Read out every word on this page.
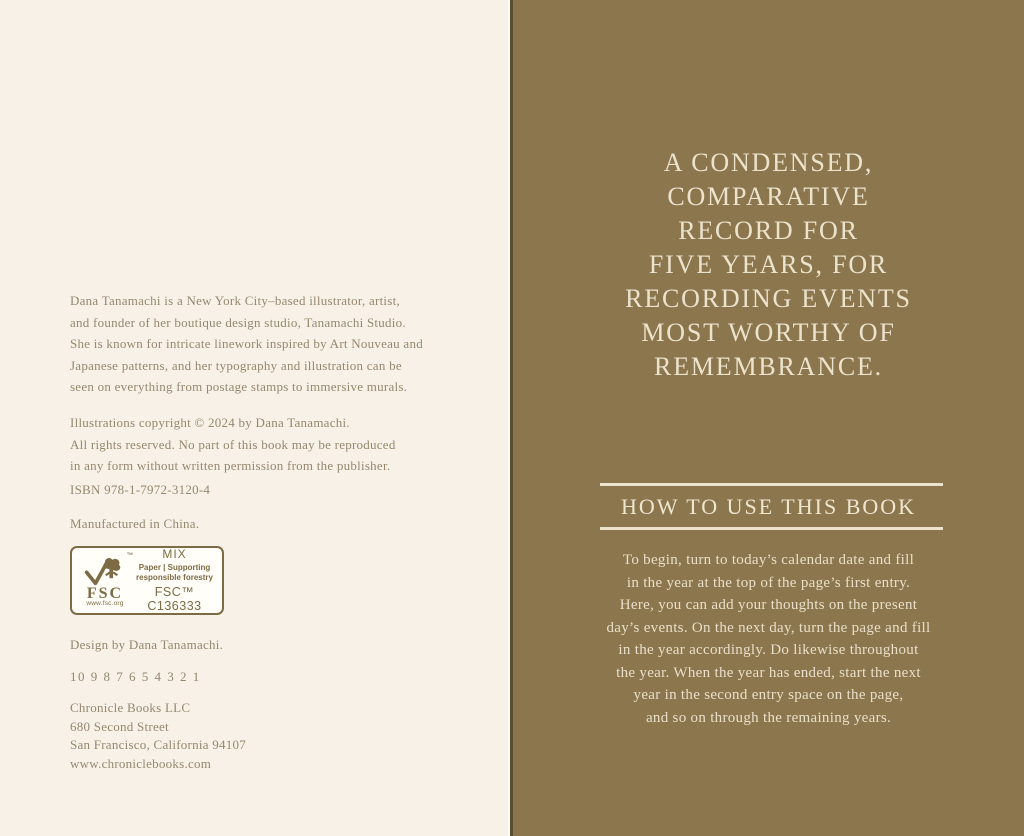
Dana Tanamachi is a New York City–based illustrator, artist,
and founder of her boutique design studio, Tanamachi Studio.
She is known for intricate linework inspired by Art Nouveau and
Japanese patterns, and her typography and illustration can be
seen on everything from postage stamps to immersive murals.
Illustrations copyright © 2024 by Dana Tanamachi.
All rights reserved. No part of this book may be reproduced
in any form without written permission from the publisher.
ISBN 978-1-7972-3120-4
Manufactured in China.
™
FSC
www.fsc.org
MIX
Paper | Supporting
responsible forestry
FSC™ C136333
Design by Dana Tanamachi.
10 9 8 7 6 5 4 3 2 1
Chronicle Books LLC
680 Second Street
San Francisco, California 94107
www.chroniclebooks.com
A CONDENSED,
COMPARATIVE
RECORD FOR
FIVE YEARS, FOR
RECORDING EVENTS
MOST WORTHY OF
REMEMBRANCE.
HOW TO USE THIS BOOK
To begin, turn to today’s calendar date and fill
in the year at the top of the page’s first entry.
Here, you can add your thoughts on the present
day’s events. On the next day, turn the page and fill
in the year accordingly. Do likewise throughout
the year. When the year has ended, start the next
year in the second entry space on the page,
and so on through the remaining years.
